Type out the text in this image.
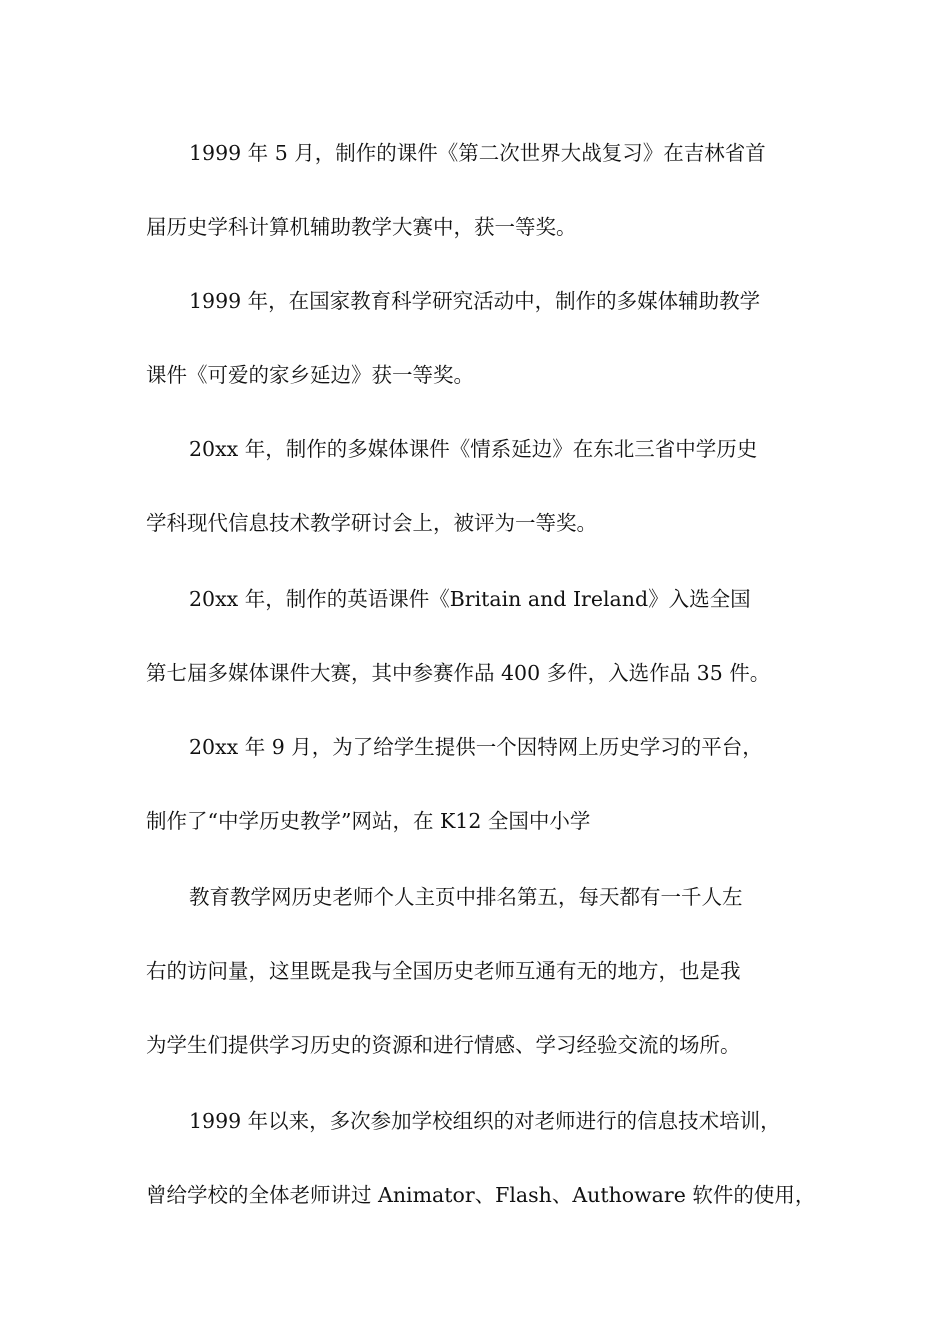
1999 年 5 月，制作的课件《第二次世界大战复习》在吉林省首

届历史学科计算机辅助教学大赛中，获一等奖。

1999 年，在国家教育科学研究活动中，制作的多媒体辅助教学

课件《可爱的家乡延边》获一等奖。

20xx 年，制作的多媒体课件《情系延边》在东北三省中学历史

学科现代信息技术教学研讨会上，被评为一等奖。

20xx 年，制作的英语课件《Britain and Ireland》入选全国

第七届多媒体课件大赛，其中参赛作品 400 多件，入选作品 35 件。

20xx 年 9 月，为了给学生提供一个因特网上历史学习的平台，

制作了“中学历史教学”网站，在 K12 全国中小学

教育教学网历史老师个人主页中排名第五，每天都有一千人左

右的访问量，这里既是我与全国历史老师互通有无的地方，也是我

为学生们提供学习历史的资源和进行情感、学习经验交流的场所。

1999 年以来，多次参加学校组织的对老师进行的信息技术培训，

曾给学校的全体老师讲过 Animator、Flash、Authoware 软件的使用，
